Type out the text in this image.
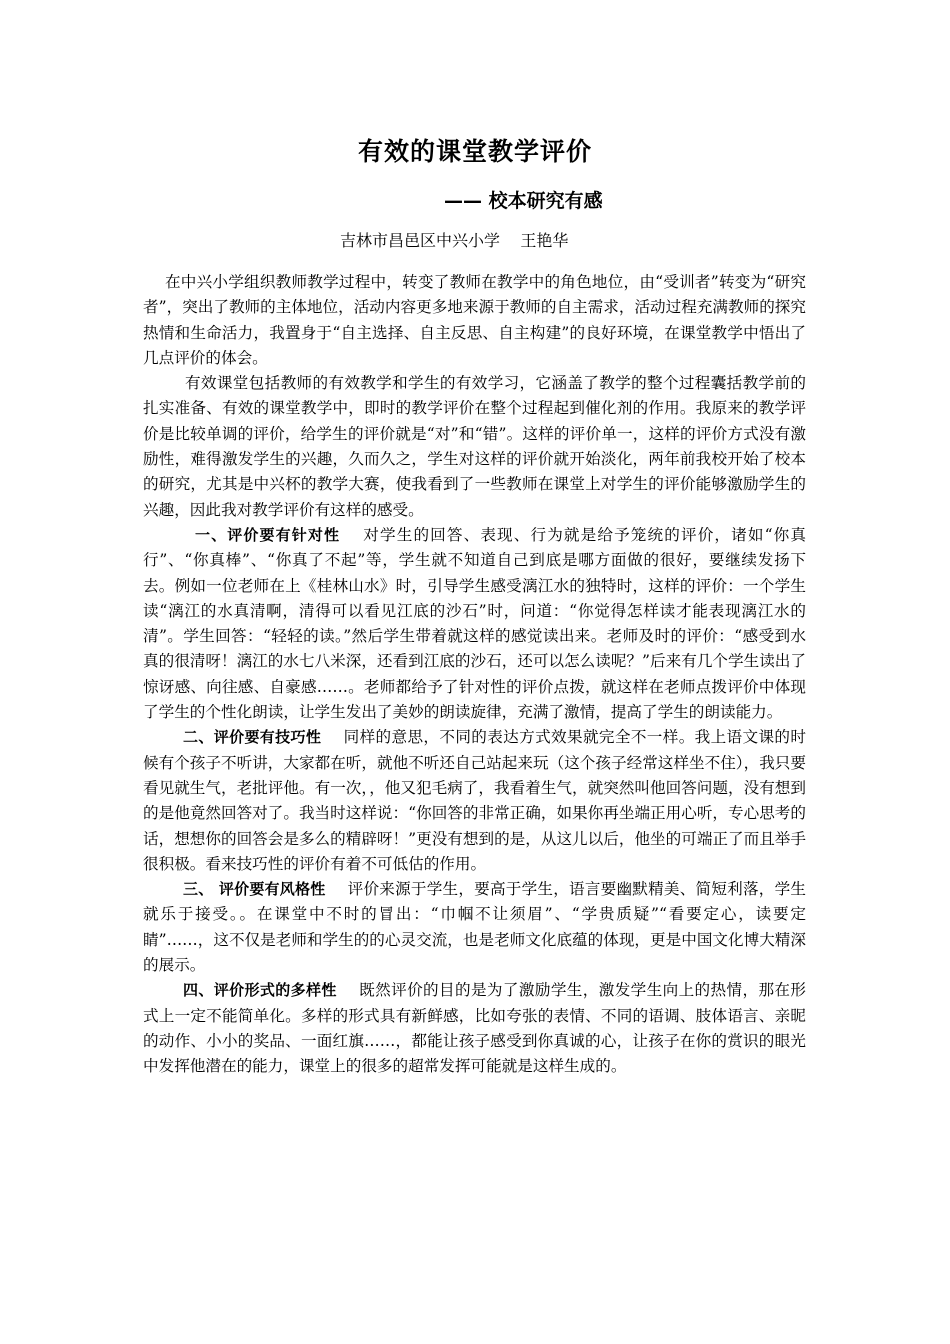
有效的课堂教学评价
—— 校本研究有感
吉林市昌邑区中兴小学    王艳华

在中兴小学组织教师教学过程中，转变了教师在教学中的角色地位，由“受训者”转变为“研究者”，突出了教师的主体地位，活动内容更多地来源于教师的自主需求，活动过程充满教师的探究热情和生命活力，我置身于“自主选择、自主反思、自主构建”的良好环境，在课堂教学中悟出了几点评价的体会。

有效课堂包括教师的有效教学和学生的有效学习，它涵盖了教学的整个过程囊括教学前的扎实准备、有效的课堂教学中，即时的教学评价在整个过程起到催化剂的作用。我原来的教学评价是比较单调的评价，给学生的评价就是“对”和“错”。这样的评价单一，这样的评价方式没有激励性，难得激发学生的兴趣，久而久之，学生对这样的评价就开始淡化，两年前我校开始了校本的研究，尤其是中兴杯的教学大赛，使我看到了一些教师在课堂上对学生的评价能够激励学生的兴趣，因此我对教学评价有这样的感受。

一、评价要有针对性 对学生的回答、表现、行为就是给予笼统的评价，诸如“你真行”、“你真棒”、“你真了不起”等，学生就不知道自己到底是哪方面做的很好，要继续发扬下去。例如一位老师在上《桂林山水》时，引导学生感受漓江水的独特时，这样的评价：一个学生读“漓江的水真清啊，清得可以看见江底的沙石”时，问道：“你觉得怎样读才能表现漓江水的清”。学生回答：“轻轻的读。”然后学生带着就这样的感觉读出来。老师及时的评价：“感受到水真的很清呀！漓江的水七八米深，还看到江底的沙石，还可以怎么读呢？”后来有几个学生读出了惊讶感、向往感、自豪感……。老师都给予了针对性的评价点拨，就这样在老师点拨评价中体现了学生的个性化朗读，让学生发出了美妙的朗读旋律，充满了激情，提高了学生的朗读能力。

二、评价要有技巧性 同样的意思，不同的表达方式效果就完全不一样。我上语文课的时候有个孩子不听讲，大家都在听，就他不听还自己站起来玩（这个孩子经常这样坐不住），我只要看见就生气，老批评他。有一次，，他又犯毛病了，我看着生气，就突然叫他回答问题，没有想到的是他竟然回答对了。我当时这样说：“你回答的非常正确，如果你再坐端正用心听，专心思考的话，想想你的回答会是多么的精辟呀！”更没有想到的是，从这儿以后，他坐的可端正了而且举手很积极。看来技巧性的评价有着不可低估的作用。

三、 评价要有风格性 评价来源于学生，要高于学生，语言要幽默精美、简短利落，学生就乐于接受。。在课堂中不时的冒出：“巾帼不让须眉”、“学贵质疑”“看要定心，读要定睛”……，这不仅是老师和学生的的心灵交流，也是老师文化底蕴的体现，更是中国文化博大精深的展示。

四、评价形式的多样性 既然评价的目的是为了激励学生，激发学生向上的热情，那在形式上一定不能简单化。多样的形式具有新鲜感，比如夸张的表情、不同的语调、肢体语言、亲昵的动作、小小的奖品、一面红旗……，都能让孩子感受到你真诚的心，让孩子在你的赏识的眼光中发挥他潜在的能力，课堂上的很多的超常发挥可能就是这样生成的。
